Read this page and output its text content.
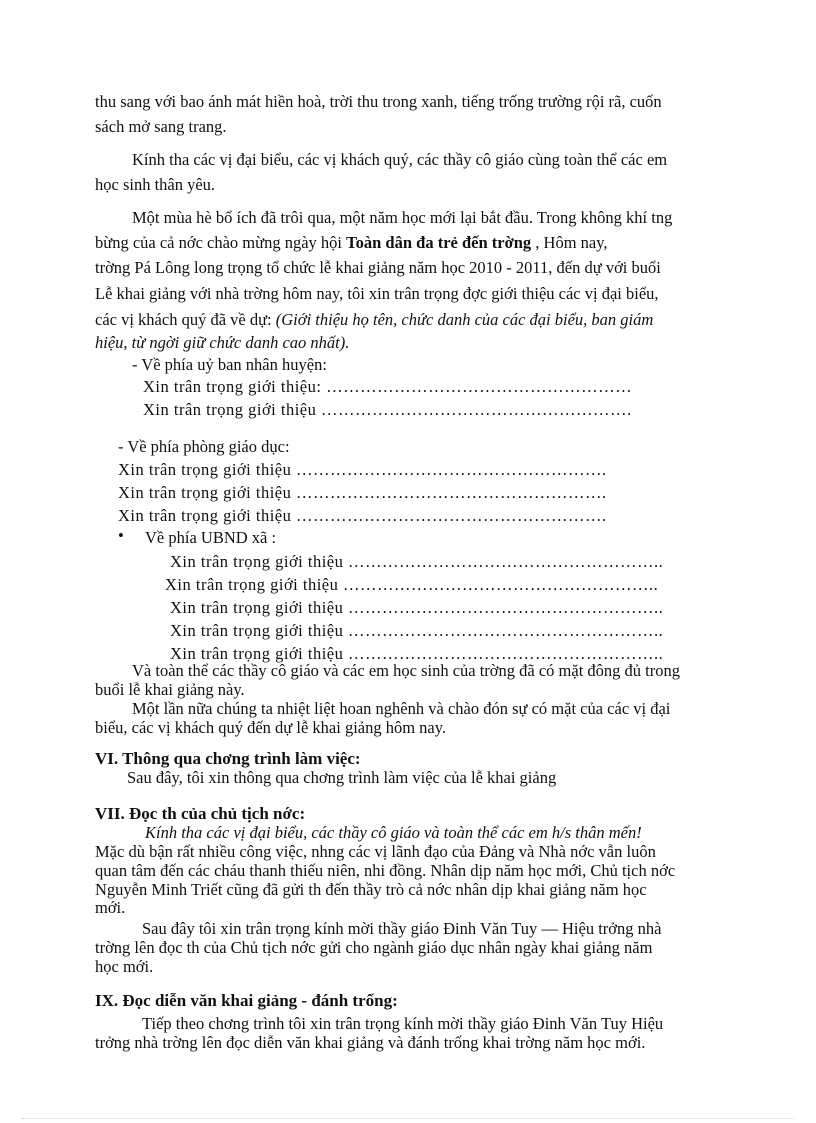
thu sang với bao ánh mát hiền hoà, trời thu trong xanh, tiếng trống trường rội rã, cuốn
sách mở sang trang.
Kính tha các vị đại biểu, các vị khách quý, các thầy cô giáo cùng toàn thể các em
học sinh thân yêu.
Một mùa hè bổ ích đã trôi qua, một năm học mới lại bắt đầu. Trong không khí tng
bừng của cả nớc chào mừng ngày hội Toàn dân đa trẻ đến trờng , Hôm nay,
trờng Pá Lông long trọng tổ chức lễ khai giảng năm học 2010 - 2011, đến dự với buổi
Lễ khai giảng với nhà trờng hôm nay, tôi xin trân trọng đợc giới thiệu các vị đại biểu,
các vị khách quý đã về dự: (Giới thiệu họ tên, chức danh của các đại biểu, ban giám
hiệu, từ ngời giữ chức danh cao nhất).
- Về phía uỷ ban nhân huyện:
Xin trân trọng giới thiệu: ………………………………………………
Xin trân trọng giới thiệu ……………………………………………….
- Về phía phòng giáo dục:
Xin trân trọng giới thiệu ……………………………………………….
Xin trân trọng giới thiệu ……………………………………………….
Xin trân trọng giới thiệu ……………………………………………….
• Về phía UBND xã :
Xin trân trọng giới thiệu ………………………………………………..
Xin trân trọng giới thiệu ………………………………………………..
Xin trân trọng giới thiệu ………………………………………………..
Xin trân trọng giới thiệu ………………………………………………..
Xin trân trọng giới thiệu ………………………………………………..
Và toàn thể các thầy cô giáo và các em học sinh của trờng đã có mặt đông đủ trong
buổi lễ khai giảng này.
Một lần nữa chúng ta nhiệt liệt hoan nghênh và chào đón sự có mặt của các vị đại
biểu, các vị khách quý đến dự lễ khai giảng hôm nay.
VI. Thông qua chơng trình làm việc:
Sau đây, tôi xin thông qua chơng trình làm việc của lễ khai giảng
VII. Đọc th của chủ tịch nớc:
Kính tha các vị đại biểu, các thầy cô giáo và toàn thể các em h/s thân mến!
Mặc dù bận rất nhiều công việc, nhng các vị lãnh đạo của Đảng và Nhà nớc vẫn luôn
quan tâm đến các cháu thanh thiếu niên, nhi đồng. Nhân dịp năm học mới, Chủ tịch nớc
Nguyễn Minh Triết cũng đã gửi th đến thầy trò cả nớc nhân dịp khai giảng năm học
mới.
Sau đây tôi xin trân trọng kính mời thầy giáo Đinh Văn Tuy — Hiệu trởng nhà
trờng lên đọc th của Chủ tịch nớc gửi cho ngành giáo dục nhân ngày khai giảng năm
học mới.
IX. Đọc diễn văn khai giảng - đánh trống:
Tiếp theo chơng trình tôi xin trân trọng kính mời thầy giáo Đinh Văn Tuy Hiệu
trởng nhà trờng lên đọc diễn văn khai giảng và đánh trống khai trờng năm học mới.
